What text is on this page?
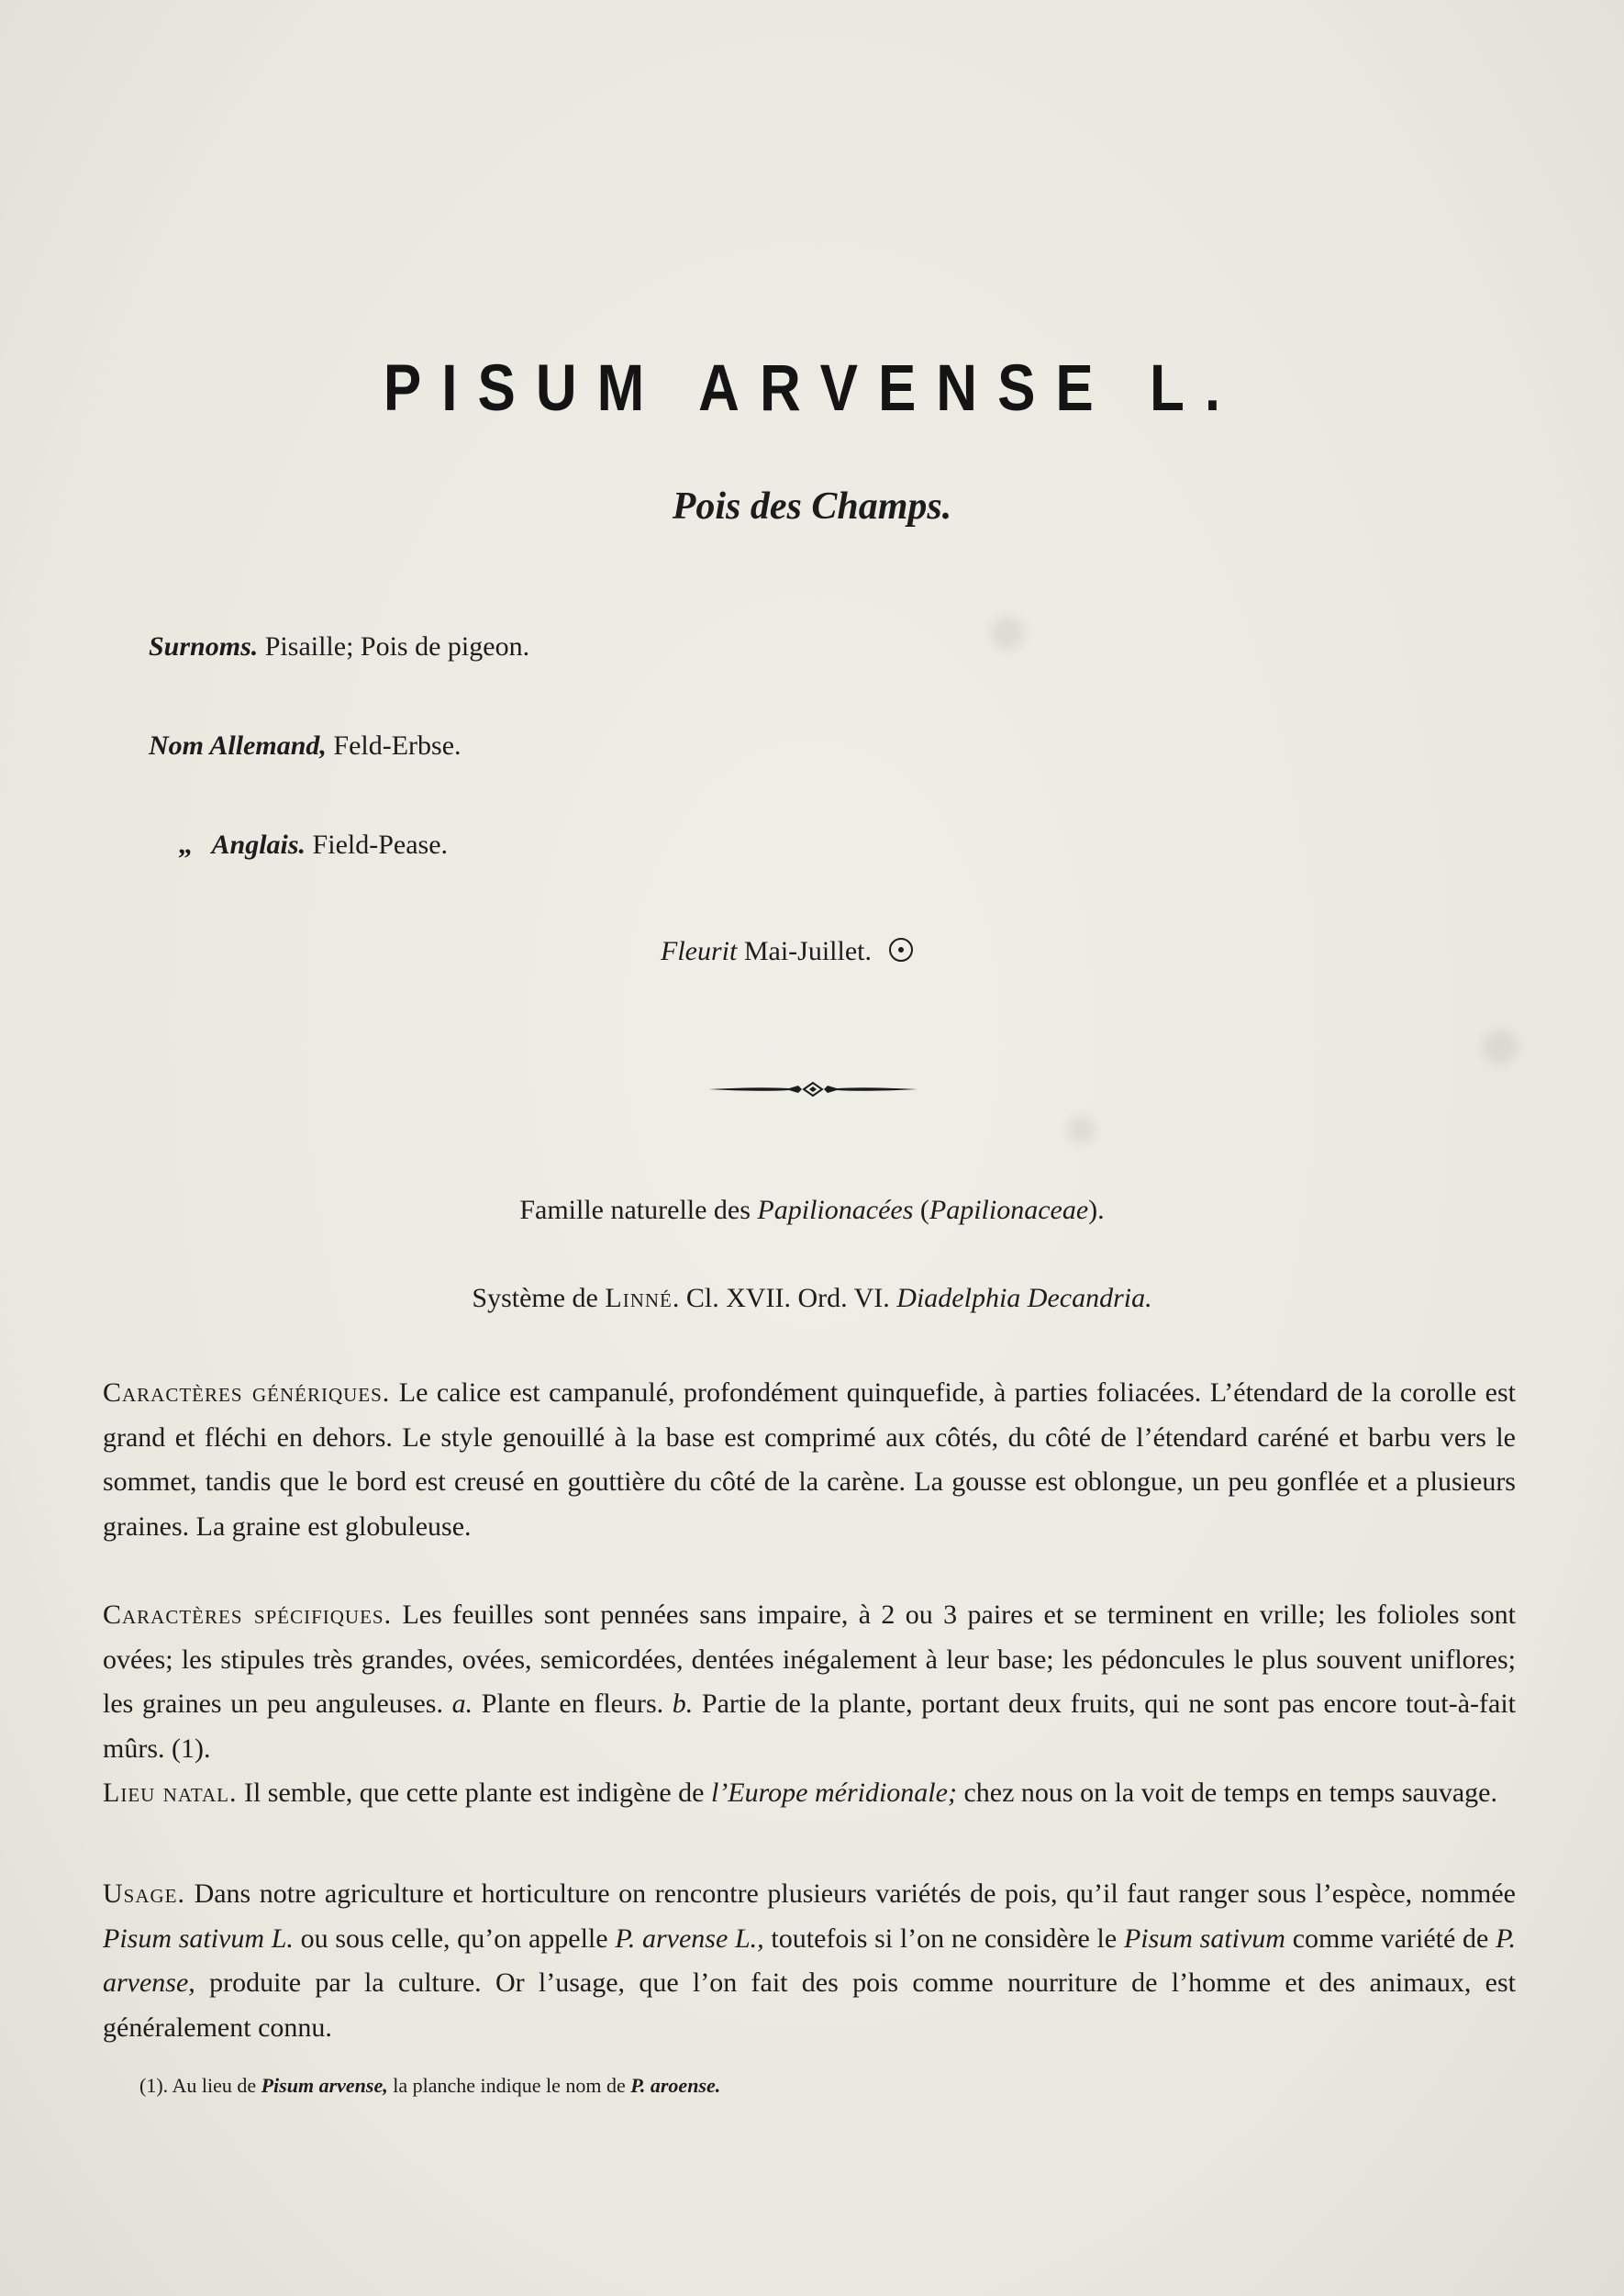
PISUM ARVENSE L.
Pois des Champs.
Surnoms. Pisaille; Pois de pigeon.
Nom Allemand, Feld-Erbse.
„ Anglais. Field-Pease.
Fleurit Mai-Juillet.
Famille naturelle des Papilionacées (Papilionaceae).
Système de Linné. Cl. XVII. Ord. VI. Diadelphia Decandria.
Caractères génériques. Le calice est campanulé, profondément quinquefide, à parties foliacées. L’étendard de la corolle est grand et fléchi en dehors. Le style genouillé à la base est comprimé aux côtés, du côté de l’étendard caréné et barbu vers le sommet, tandis que le bord est creusé en gouttière du côté de la carène. La gousse est oblongue, un peu gonflée et a plusieurs graines. La graine est globuleuse.
Caractères spécifiques. Les feuilles sont pennées sans impaire, à 2 ou 3 paires et se terminent en vrille; les folioles sont ovées; les stipules très grandes, ovées, semicordées, dentées inégalement à leur base; les pédoncules le plus souvent uniflores; les graines un peu anguleuses. a. Plante en fleurs. b. Partie de la plante, portant deux fruits, qui ne sont pas encore tout-à-fait mûrs. (1).
Lieu natal. Il semble, que cette plante est indigène de l’Europe méridionale; chez nous on la voit de temps en temps sauvage.
Usage. Dans notre agriculture et horticulture on rencontre plusieurs variétés de pois, qu’il faut ranger sous l’espèce, nommée Pisum sativum L. ou sous celle, qu’on appelle P. arvense L., toutefois si l’on ne considère le Pisum sativum comme variété de P. arvense, produite par la culture. Or l’usage, que l’on fait des pois comme nourriture de l’homme et des animaux, est généralement connu.
(1). Au lieu de Pisum arvense, la planche indique le nom de P. aroense.
